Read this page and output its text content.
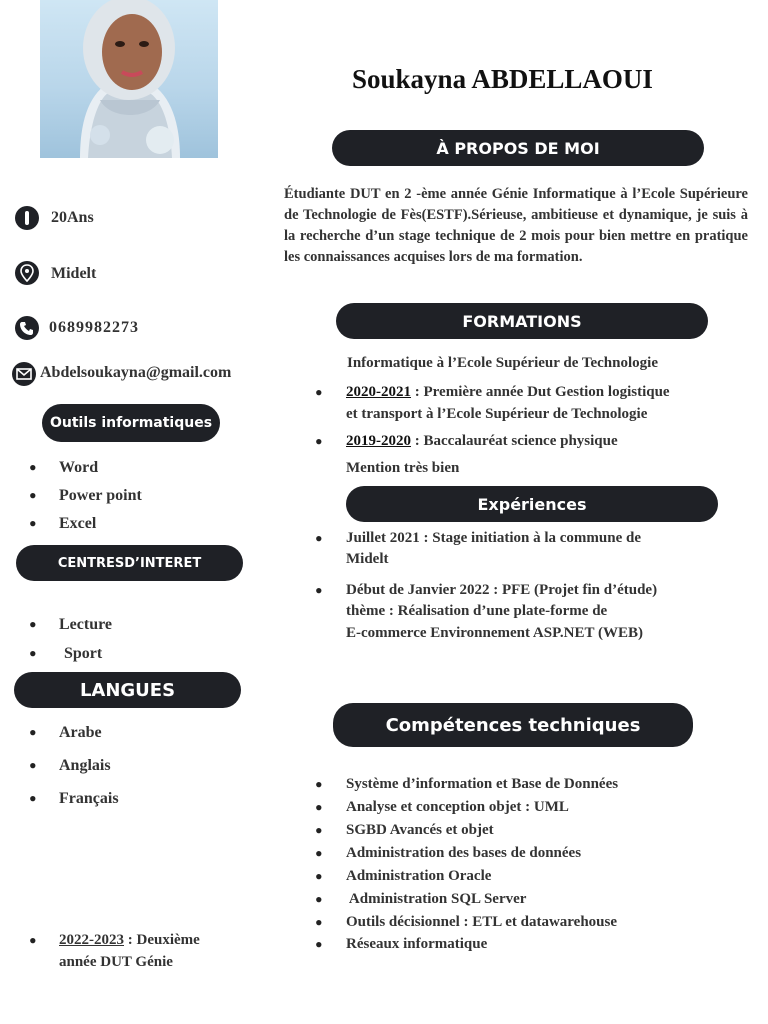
Soukayna ABDELLAOUI
20Ans
Midelt
0689982273
Abdelsoukayna@gmail.com
Outils informatiques
• Word
• Power point
• Excel
CENTRESD’INTERET
• Lecture
• Sport
LANGUES
• Arabe
• Anglais
• Français
• 2022-2023 : Deuxième
année DUT Génie
À PROPOS DE MOI
Étudiante DUT en 2 -ème année Génie Informatique à l’Ecole Supérieure de Technologie de Fès(ESTF).Sérieuse, ambitieuse et dynamique, je suis à la recherche d’un stage technique de 2 mois pour bien mettre en pratique les connaissances acquises lors de ma formation.
FORMATIONS
Informatique à l’Ecole Supérieur de Technologie
• 2020-2021 : Première année Dut Gestion logistique
et transport à l’Ecole Supérieur de Technologie
• 2019-2020 : Baccalauréat science physique
Mention très bien
Expériences
• Juillet 2021 : Stage initiation à la commune de
Midelt
• Début de Janvier 2022 : PFE (Projet fin d’étude)
thème : Réalisation d’une plate-forme de
E-commerce Environnement ASP.NET (WEB)
Compétences techniques
• Système d’information et Base de Données
• Analyse et conception objet : UML
• SGBD Avancés et objet
• Administration des bases de données
• Administration Oracle
• Administration SQL Server
• Outils décisionnel : ETL et datawarehouse
• Réseaux informatique
